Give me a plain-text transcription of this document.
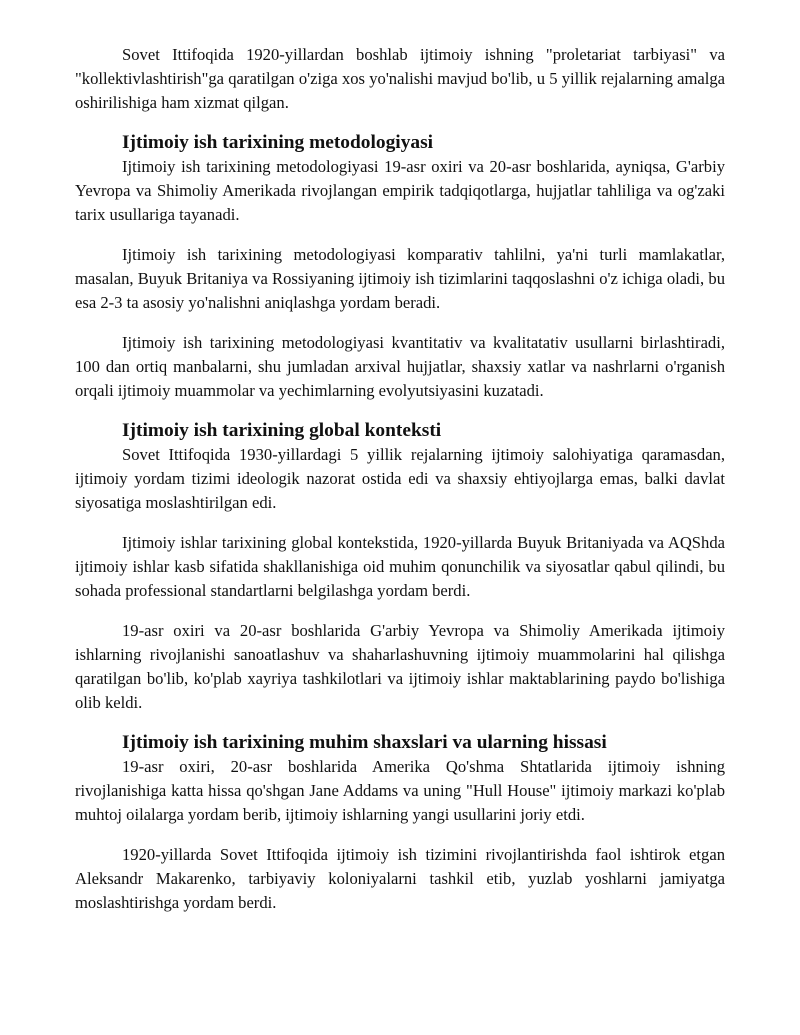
Sovet Ittifoqida 1920-yillardan boshlab ijtimoiy ishning "proletariat tarbiyasi" va "kollektivlashtirish"ga qaratilgan o'ziga xos yo'nalishi mavjud bo'lib, u 5 yillik rejalarning amalga oshirilishiga ham xizmat qilgan.

Ijtimoiy ish tarixining metodologiyasi

Ijtimoiy ish tarixining metodologiyasi 19-asr oxiri va 20-asr boshlarida, ayniqsa, G'arbiy Yevropa va Shimoliy Amerikada rivojlangan empirik tadqiqotlarga, hujjatlar tahliliga va og'zaki tarix usullariga tayanadi.

Ijtimoiy ish tarixining metodologiyasi komparativ tahlilni, ya'ni turli mamlakatlar, masalan, Buyuk Britaniya va Rossiyaning ijtimoiy ish tizimlarini taqqoslashni o'z ichiga oladi, bu esa 2-3 ta asosiy yo'nalishni aniqlashga yordam beradi.

Ijtimoiy ish tarixining metodologiyasi kvantitativ va kvalitatativ usullarni birlashtiradi, 100 dan ortiq manbalarni, shu jumladan arxival hujjatlar, shaxsiy xatlar va nashrlarni o'rganish orqali ijtimoiy muammolar va yechimlarning evolyutsiyasini kuzatadi.

Ijtimoiy ish tarixining global konteksti

Sovet Ittifoqida 1930-yillardagi 5 yillik rejalarning ijtimoiy salohiyatiga qaramasdan, ijtimoiy yordam tizimi ideologik nazorat ostida edi va shaxsiy ehtiyojlarga emas, balki davlat siyosatiga moslashtirilgan edi.

Ijtimoiy ishlar tarixining global kontekstida, 1920-yillarda Buyuk Britaniyada va AQShda ijtimoiy ishlar kasb sifatida shakllanishiga oid muhim qonunchilik va siyosatlar qabul qilindi, bu sohada professional standartlarni belgilashga yordam berdi.

19-asr oxiri va 20-asr boshlarida G'arbiy Yevropa va Shimoliy Amerikada ijtimoiy ishlarning rivojlanishi sanoatlashuv va shaharlashuvning ijtimoiy muammolarini hal qilishga qaratilgan bo'lib, ko'plab xayriya tashkilotlari va ijtimoiy ishlar maktablarining paydo bo'lishiga olib keldi.

Ijtimoiy ish tarixining muhim shaxslari va ularning hissasi

19-asr oxiri, 20-asr boshlarida Amerika Qo'shma Shtatlarida ijtimoiy ishning rivojlanishiga katta hissa qo'shgan Jane Addams va uning "Hull House" ijtimoiy markazi ko'plab muhtoj oilalarga yordam berib, ijtimoiy ishlarning yangi usullarini joriy etdi.

1920-yillarda Sovet Ittifoqida ijtimoiy ish tizimini rivojlantirishda faol ishtirok etgan Aleksandr Makarenko, tarbiyaviy koloniyalarni tashkil etib, yuzlab yoshlarni jamiyatga moslashtirishga yordam berdi.
